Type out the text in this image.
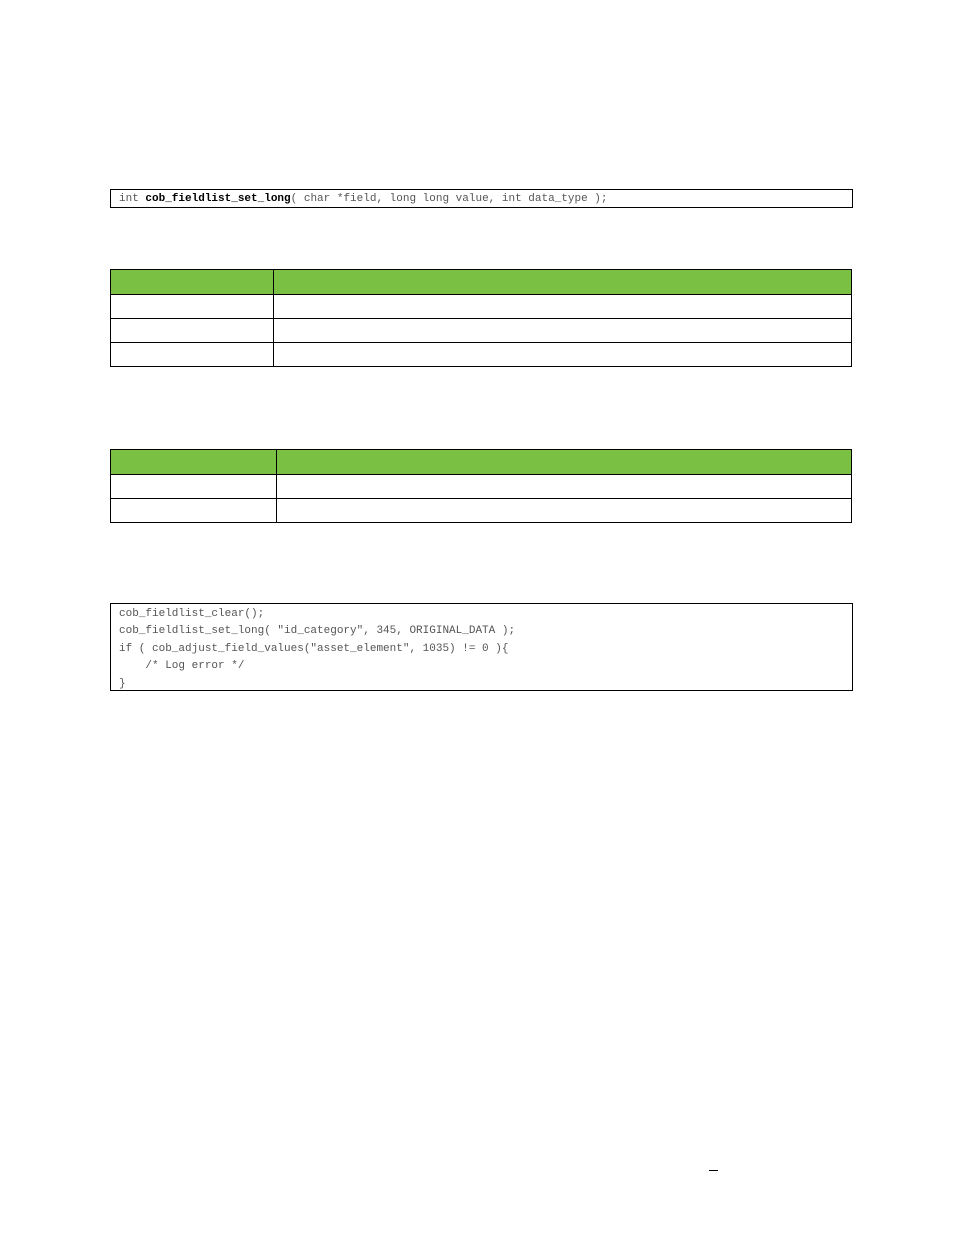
int cob_fieldlist_set_long( char *field, long long value, int data_type );

cob_fieldlist_clear();
cob_fieldlist_set_long( "id_category", 345, ORIGINAL_DATA );
if ( cob_adjust_field_values("asset_element", 1035) != 0 ){
/* Log error */
}
